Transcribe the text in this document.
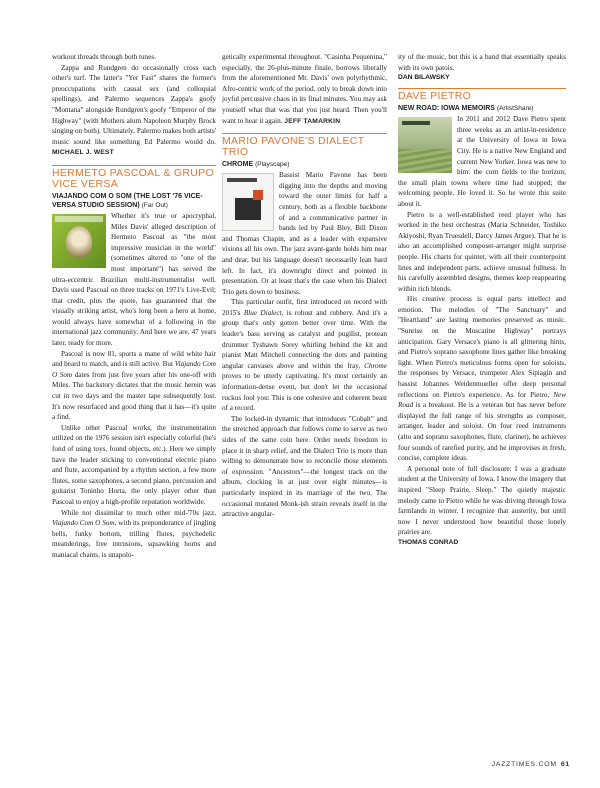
workout threads through both tunes.

Zappa and Rundgren do occasionally cross each other's turf. The latter's "Yer Fast" shares the former's preoccupations with casual sex (and colloquial spellings), and Palermo sequences Zappa's goofy "Montana" alongside Rundgren's goofy "Emperor of the Highway" (with Mothers alum Napoleon Murphy Brock singing on both). Ultimately, Palermo makes both artists' music sound like something Ed Palermo would do. MICHAEL J. WEST

HERMETO PASCOAL & GRUPO VICE VERSA
VIAJANDO COM O SOM (THE LOST '76 VICE-VERSA STUDIO SESSION) (Far Out)

Whether it's true or apocryphal, Miles Davis' alleged description of Hermeto Pascoal as "the most impressive musician in the world" (sometimes altered to "one of the most important") has served the ultra-eccentric Brazilian multi-instrumentalist well. Davis used Pascoal on three tracks on 1971's Live-Evil; that credit, plus the quote, has guaranteed that the visually striking artist, who's long been a hero at home, would always have somewhat of a following in the international jazz community. And here we are, 47 years later, ready for more.

Pascoal is now 81, sports a mane of wild white hair and beard to match, and is still active. But Viajando Com O Som dates from just five years after his one-off with Miles. The backstory dictates that the music herein was cut in two days and the master tape subsequently lost. It's now resurfaced and good thing that it has—it's quite a find.

Unlike other Pascoal works, the instrumentation utilized on the 1976 session isn't especially colorful (he's fond of using toys, found objects, etc.). Here we simply have the leader sticking to conventional electric piano and flute, accompanied by a rhythm section, a few more flutes, some saxophones, a second piano, percussion and guitarist Toninho Horta, the only player other than Pascoal to enjoy a high-profile reputation worldwide.

While not dissimilar to much other mid-'70s jazz, Viajando Com O Som, with its preponderance of jingling bells, funky bottom, trilling flutes, psychedelic meanderings, free intrusions, squawking horns and maniacal chants, is unapolo-

getically experimental throughout. "Casinha Pequenina," especially, the 26-plus-minute finale, borrows liberally from the aforementioned Mr. Davis' own polyrhythmic, Afro-centric work of the period, only to break down into joyful percussive chaos in its final minutes. You may ask yourself what that was that you just heard. Then you'll want to hear it again. JEFF TAMARKIN

MARIO PAVONE'S DIALECT TRIO
CHROME (Playscape)

Bassist Mario Pavone has been digging into the depths and moving toward the outer limits for half a century, both as a flexible backbone of and a communicative partner in bands led by Paul Bley, Bill Dixon and Thomas Chapin, and as a leader with expansive visions all his own. The jazz avant-garde holds him near and dear, but his language doesn't necessarily lean hard left. In fact, it's downright direct and pointed in presentation. Or at least that's the case when his Dialect Trio gets down to business.

This particular outfit, first introduced on record with 2015's Blue Dialect, is robust and rubbery. And it's a group that's only gotten better over time. With the leader's bass serving as catalyst and pugilist, protean drummer Tyshawn Sorey whirling behind the kit and pianist Matt Mitchell connecting the dots and painting angular canvases above and within the fray, Chrome proves to be utterly captivating. It's most certainly an information-dense event, but don't let the occasional ruckus fool you: This is one cohesive and coherent beast of a record.

The locked-in dynamic that introduces "Cobalt" and the stretched approach that follows come to serve as two sides of the same coin here. Order needs freedom to place it in sharp relief, and the Dialect Trio is more than willing to demonstrate how to reconcile those elements of expression. "Ancestors"—the longest track on the album, clocking in at just over eight minutes—is particularly inspired in its marriage of the two. The occasional mutated Monk-ish strain reveals itself in the attractive angular-

ity of the music, but this is a band that essentially speaks with its own patois.

DAN BILAWSKY
DAVE PIETRO
NEW ROAD: IOWA MEMOIRS (ArtistShare)

In 2011 and 2012 Dave Pietro spent three weeks as an artist-in-residence at the University of Iowa in Iowa City. He is a native New England and current New Yorker. Iowa was new to him: the corn fields to the horizon; the small plain towns where time had stopped; the welcoming people. He loved it. So he wrote this suite about it.

Pietro is a well-established reed player who has worked in the best orchestras (Maria Schneider, Toshiko Akiyoshi, Ryan Truesdell, Darcy James Argue). That he is also an accomplished composer-arranger might surprise people. His charts for quintet, with all their counterpoint lines and independent parts, achieve unusual fullness. In his carefully assembled designs, themes keep reappearing within rich blends.

His creative process is equal parts intellect and emotion. The melodies of "The Sanctuary" and "Heartland" are lasting memories preserved as music. "Sunrise on the Muscatine Highway" portrays anticipation. Gary Versace's piano is all glittering hints, and Pietro's soprano saxophone lines gather like breaking light. When Pietro's meticulous forms open for soloists, the responses by Versace, trumpeter Alex Sipiagin and bassist Johannes Weidenmueller offer deep personal reflections on Pietro's experience. As for Pietro, New Road is a breakout. He is a veteran but has never before displayed the full range of his strengths as composer, arranger, leader and soloist. On four reed instruments (alto and soprano saxophones, flute, clarinet), he achieves four sounds of rarefied purity, and he improvises in fresh, concise, complete ideas.

A personal note of full disclosure: I was a graduate student at the University of Iowa. I know the imagery that inspired "Sleep Prairie, Sleep." The quietly majestic melody came to Pietro while he was driving through Iowa farmlands in winter. I recognize that austerity, but until now I never understood how beautiful those lonely prairies are.

THOMAS CONRAD
JAZZTIMES.COM 61
